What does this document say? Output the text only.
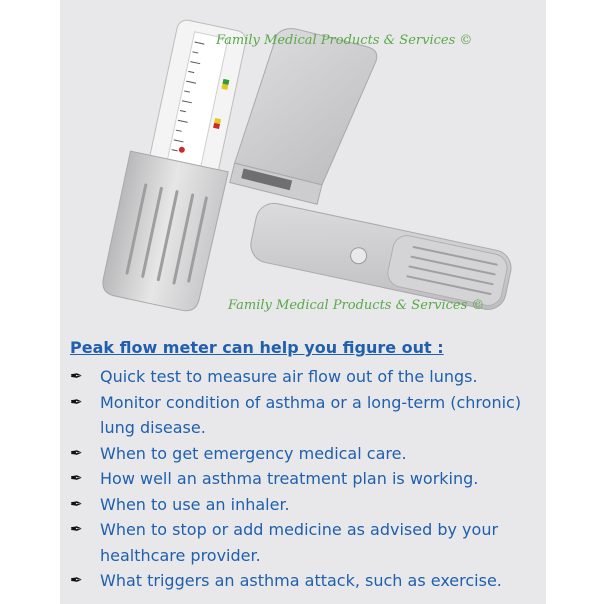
Family Medical Products & Services ©
Family Medical Products & Services ©
Peak flow meter can help you figure out :
✒ Quick test to measure air flow out of the lungs.
✒ Monitor condition of asthma or a long-term (chronic) lung disease.
✒ When to get emergency medical care.
✒ How well an asthma treatment plan is working.
✒ When to use an inhaler.
✒ When to stop or add medicine as advised by your healthcare provider.
✒ What triggers an asthma attack, such as exercise.
